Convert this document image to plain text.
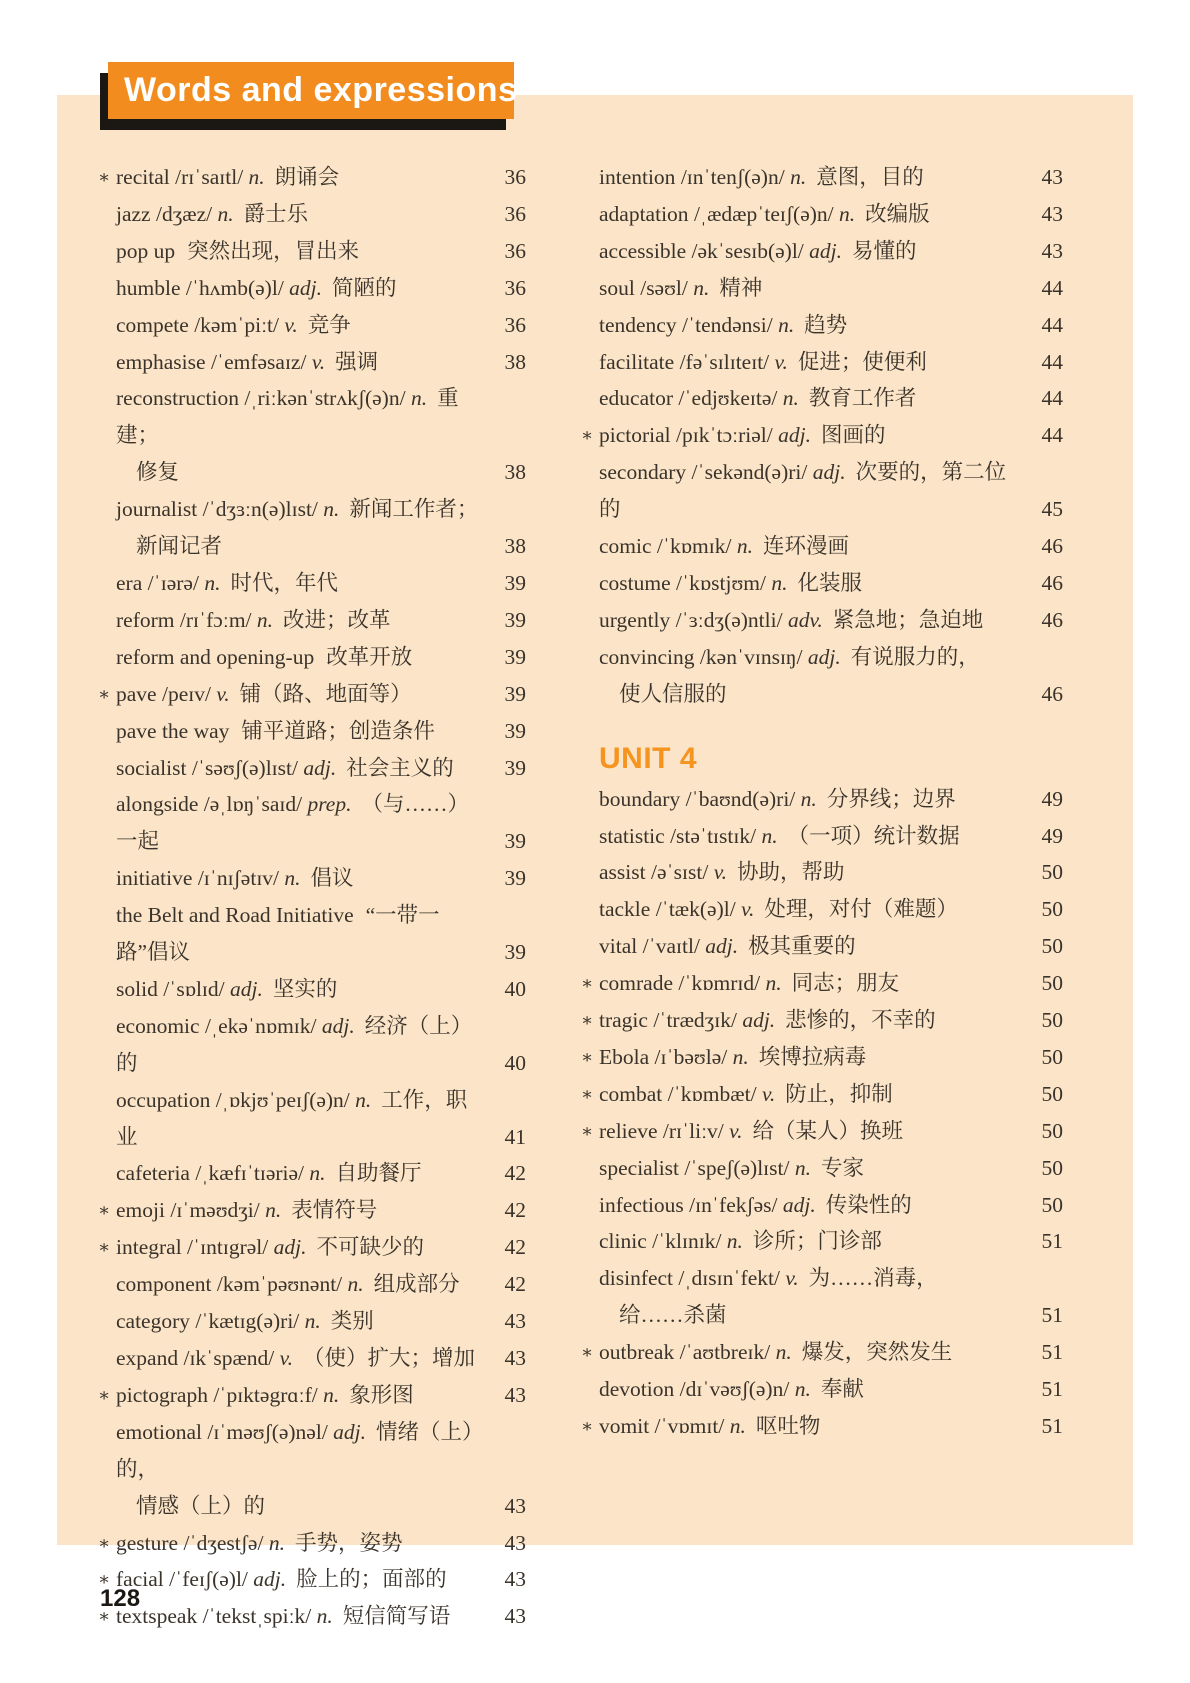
Words and expressions
∗ recital /rɪˈsaɪtl/ n. 朗诵会	36
jazz /dʒæz/ n. 爵士乐	36
pop up 突然出现，冒出来	36
humble /ˈhʌmb(ə)l/ adj. 简陋的	36
compete /kəmˈpiːt/ v. 竞争	36
emphasise /ˈemfəsaɪz/ v. 强调	38
reconstruction /ˌriːkənˈstrʌkʃ(ə)n/ n. 重建；
修复	38
journalist /ˈdʒɜːn(ə)lɪst/ n. 新闻工作者；
新闻记者	38
era /ˈɪərə/ n. 时代，年代	39
reform /rɪˈfɔːm/ n. 改进；改革	39
reform and opening-up 改革开放	39
∗ pave /peɪv/ v. 铺（路、地面等）	39
pave the way 铺平道路；创造条件	39
socialist /ˈsəʊʃ(ə)lɪst/ adj. 社会主义的	39
alongside /əˌlɒŋˈsaɪd/ prep. （与……）一起	39
initiative /ɪˈnɪʃətɪv/ n. 倡议	39
the Belt and Road Initiative “一带一路”倡议	39
solid /ˈsɒlɪd/ adj. 坚实的	40
economic /ˌekəˈnɒmɪk/ adj. 经济（上）的	40
occupation /ˌɒkjʊˈpeɪʃ(ə)n/ n. 工作，职业	41
cafeteria /ˌkæfɪˈtɪəriə/ n. 自助餐厅	42
∗ emoji /ɪˈməʊdʒi/ n. 表情符号	42
∗ integral /ˈɪntɪgrəl/ adj. 不可缺少的	42
component /kəmˈpəʊnənt/ n. 组成部分	42
category /ˈkætɪg(ə)ri/ n. 类别	43
expand /ɪkˈspænd/ v. （使）扩大；增加	43
∗ pictograph /ˈpɪktəgrɑːf/ n. 象形图	43
emotional /ɪˈməʊʃ(ə)nəl/ adj. 情绪（上）的，
情感（上）的	43
∗ gesture /ˈdʒestʃə/ n. 手势，姿势	43
∗ facial /ˈfeɪʃ(ə)l/ adj. 脸上的；面部的	43
∗ textspeak /ˈtekstˌspiːk/ n. 短信简写语	43
intention /ɪnˈtenʃ(ə)n/ n. 意图，目的	43
adaptation /ˌædæpˈteɪʃ(ə)n/ n. 改编版	43
accessible /əkˈsesɪb(ə)l/ adj. 易懂的	43
soul /səʊl/ n. 精神	44
tendency /ˈtendənsi/ n. 趋势	44
facilitate /fəˈsɪlɪteɪt/ v. 促进；使便利	44
educator /ˈedjʊkeɪtə/ n. 教育工作者	44
∗ pictorial /pɪkˈtɔːriəl/ adj. 图画的	44
secondary /ˈsekənd(ə)ri/ adj. 次要的，第二位的	45
comic /ˈkɒmɪk/ n. 连环漫画	46
costume /ˈkɒstjʊm/ n. 化装服	46
urgently /ˈɜːdʒ(ə)ntli/ adv. 紧急地；急迫地	46
convincing /kənˈvɪnsɪŋ/ adj. 有说服力的，
使人信服的	46
UNIT 4
boundary /ˈbaʊnd(ə)ri/ n. 分界线；边界	49
statistic /stəˈtɪstɪk/ n. （一项）统计数据	49
assist /əˈsɪst/ v. 协助，帮助	50
tackle /ˈtæk(ə)l/ v. 处理，对付（难题）	50
vital /ˈvaɪtl/ adj. 极其重要的	50
∗ comrade /ˈkɒmrɪd/ n. 同志；朋友	50
∗ tragic /ˈtrædʒɪk/ adj. 悲惨的，不幸的	50
∗ Ebola /ɪˈbəʊlə/ n. 埃博拉病毒	50
∗ combat /ˈkɒmbæt/ v. 防止，抑制	50
∗ relieve /rɪˈliːv/ v. 给（某人）换班	50
specialist /ˈspeʃ(ə)lɪst/ n. 专家	50
infectious /ɪnˈfekʃəs/ adj. 传染性的	50
clinic /ˈklɪnɪk/ n. 诊所；门诊部	51
disinfect /ˌdɪsɪnˈfekt/ v. 为……消毒，
给……杀菌	51
∗ outbreak /ˈaʊtbreɪk/ n. 爆发，突然发生	51
devotion /dɪˈvəʊʃ(ə)n/ n. 奉献	51
∗ vomit /ˈvɒmɪt/ n. 呕吐物	51
128
